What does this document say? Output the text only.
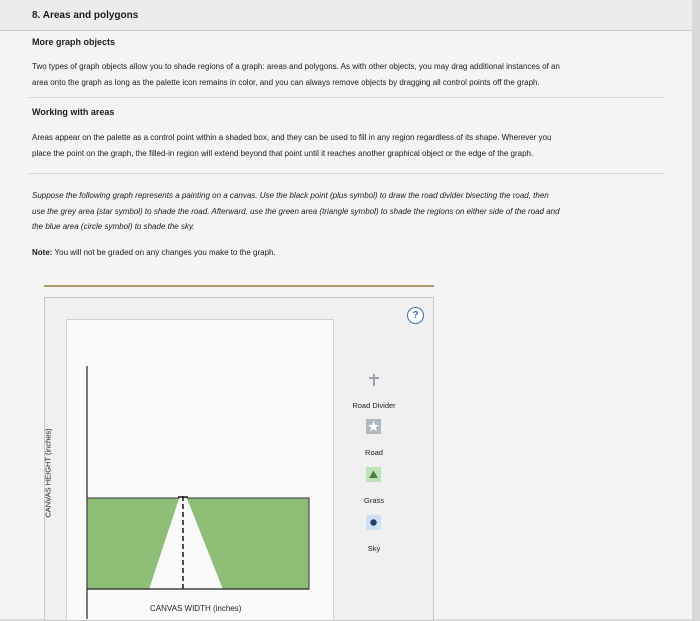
8. Areas and polygons
More graph objects
Two types of graph objects allow you to shade regions of a graph: areas and polygons. As with other objects, you may drag additional instances of an
area onto the graph as long as the palette icon remains in color, and you can always remove objects by dragging all control points off the graph.
Working with areas
Areas appear on the palette as a control point within a shaded box, and they can be used to fill in any region regardless of its shape. Wherever you
place the point on the graph, the filled-in region will extend beyond that point until it reaches another graphical object or the edge of the graph.
Suppose the following graph represents a painting on a canvas. Use the black point (plus symbol) to draw the road divider bisecting the road, then
use the grey area (star symbol) to shade the road. Afterward, use the green area (triangle symbol) to shade the regions on either side of the road and
the blue area (circle symbol) to shade the sky.
Note: You will not be graded on any changes you make to the graph.
?
CANVAS HEIGHT (inches)
CANVAS WIDTH (inches)
Road Divider
Road
Grass
Sky
